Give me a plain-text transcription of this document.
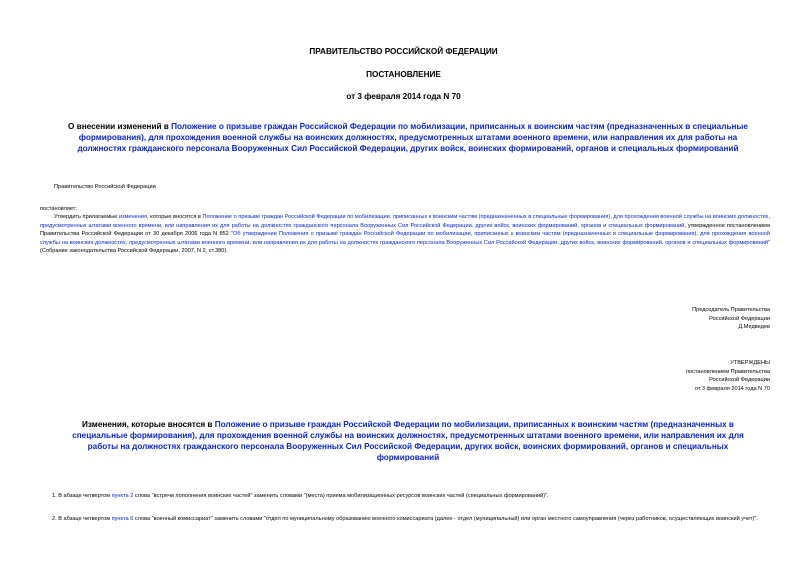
ПРАВИТЕЛЬСТВО РОССИЙСКОЙ ФЕДЕРАЦИИ
ПОСТАНОВЛЕНИЕ
от 3 февраля 2014 года N 70
О внесении изменений в Положение о призыве граждан Российской Федерации по мобилизации, приписанных к воинским частям (предназначенных в специальные формирования), для прохождения военной службы на воинских должностях, предусмотренных штатами военного времени, или направления их для работы на должностях гражданского персонала Вооруженных Сил Российской Федерации, других войск, воинских формирований, органов и специальных формирований
Правительство Российской Федерации
постановляет:
Утвердить прилагаемые изменения, которые вносятся в Положение о призыве граждан Российской Федерации по мобилизации, приписанных к воинским частям (предназначенных в специальные формирования), для прохождения военной службы на воинских должностях, предусмотренных штатами военного времени, или направления их для работы на должностях гражданского персонала Вооруженных Сил Российской Федерации, других войск, воинских формирований, органов и специальных формирований, утвержденное постановлением Правительства Российской Федерации от 30 декабря 2006 года N 852 "Об утверждении Положения о призыве граждан Российской Федерации по мобилизации, приписанных к воинским частям (предназначенных в специальные формирования), для прохождения военной службы на воинских должностях, предусмотренных штатами военного времени, или направления их для работы на должностях гражданского персонала Вооруженных Сил Российской Федерации, других войск, воинских формирований, органов и специальных формирований" (Собрание законодательства Российской Федерации, 2007, N 2, ст.380).
Председатель Правительства
Российской Федерации
Д.Медведев
УТВЕРЖДЕНЫ
постановлением Правительства
Российской Федерации
от 3 февраля 2014 года N 70
Изменения, которые вносятся в Положение о призыве граждан Российской Федерации по мобилизации, приписанных к воинским частям (предназначенных в специальные формирования), для прохождения военной службы на воинских должностях, предусмотренных штатами военного времени, или направления их для работы на должностях гражданского персонала Вооруженных Сил Российской Федерации, других войск, воинских формирований, органов и специальных формирований
1. В абзаце четвертом пункта 2 слова "встречи пополнения воинских частей" заменить словами "(места) приема мобилизационных ресурсов воинских частей (специальных формирований)".
2. В абзаце четвертом пункта 6 слова "военный комиссариат" заменить словами "отдел по муниципальному образованию военного комиссариата (далее - отдел (муниципальный) или орган местного самоуправления (через работников, осуществляющих воинский учет)".
